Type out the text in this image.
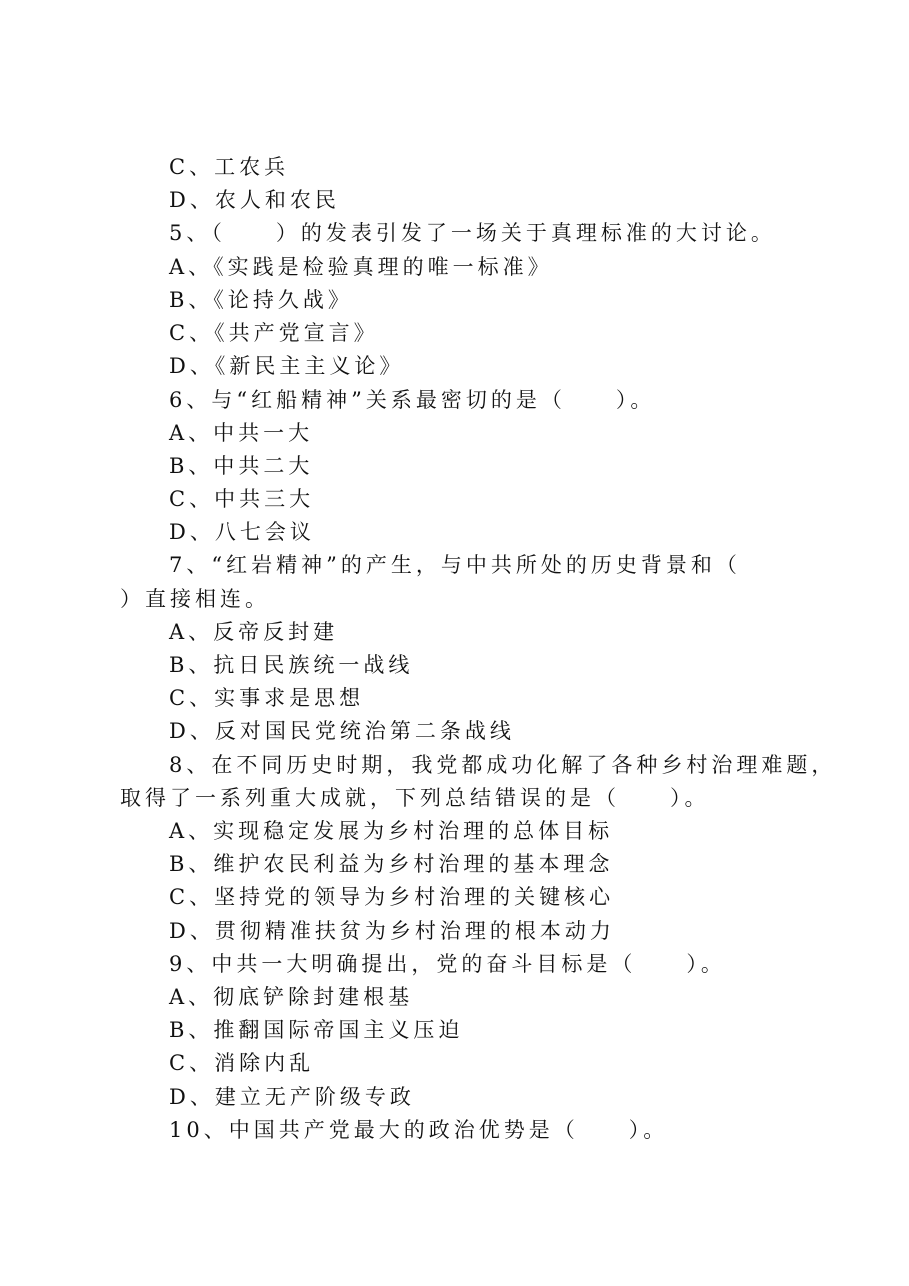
C、工农兵
D、农人和农民
5、（　　）的发表引发了一场关于真理标准的大讨论。
A、《实践是检验真理的唯一标准》
B、《论持久战》
C、《共产党宣言》
D、《新民主主义论》
6、与“红船精神”关系最密切的是（　　）。
A、中共一大
B、中共二大
C、中共三大
D、八七会议
7、“红岩精神”的产生，与中共所处的历史背景和（
）直接相连。
A、反帝反封建
B、抗日民族统一战线
C、实事求是思想
D、反对国民党统治第二条战线
8、在不同历史时期，我党都成功化解了各种乡村治理难题，
取得了一系列重大成就，下列总结错误的是（　　）。
A、实现稳定发展为乡村治理的总体目标
B、维护农民利益为乡村治理的基本理念
C、坚持党的领导为乡村治理的关键核心
D、贯彻精准扶贫为乡村治理的根本动力
9、中共一大明确提出，党的奋斗目标是（　　）。
A、彻底铲除封建根基
B、推翻国际帝国主义压迫
C、消除内乱
D、建立无产阶级专政
10、中国共产党最大的政治优势是（　　）。
